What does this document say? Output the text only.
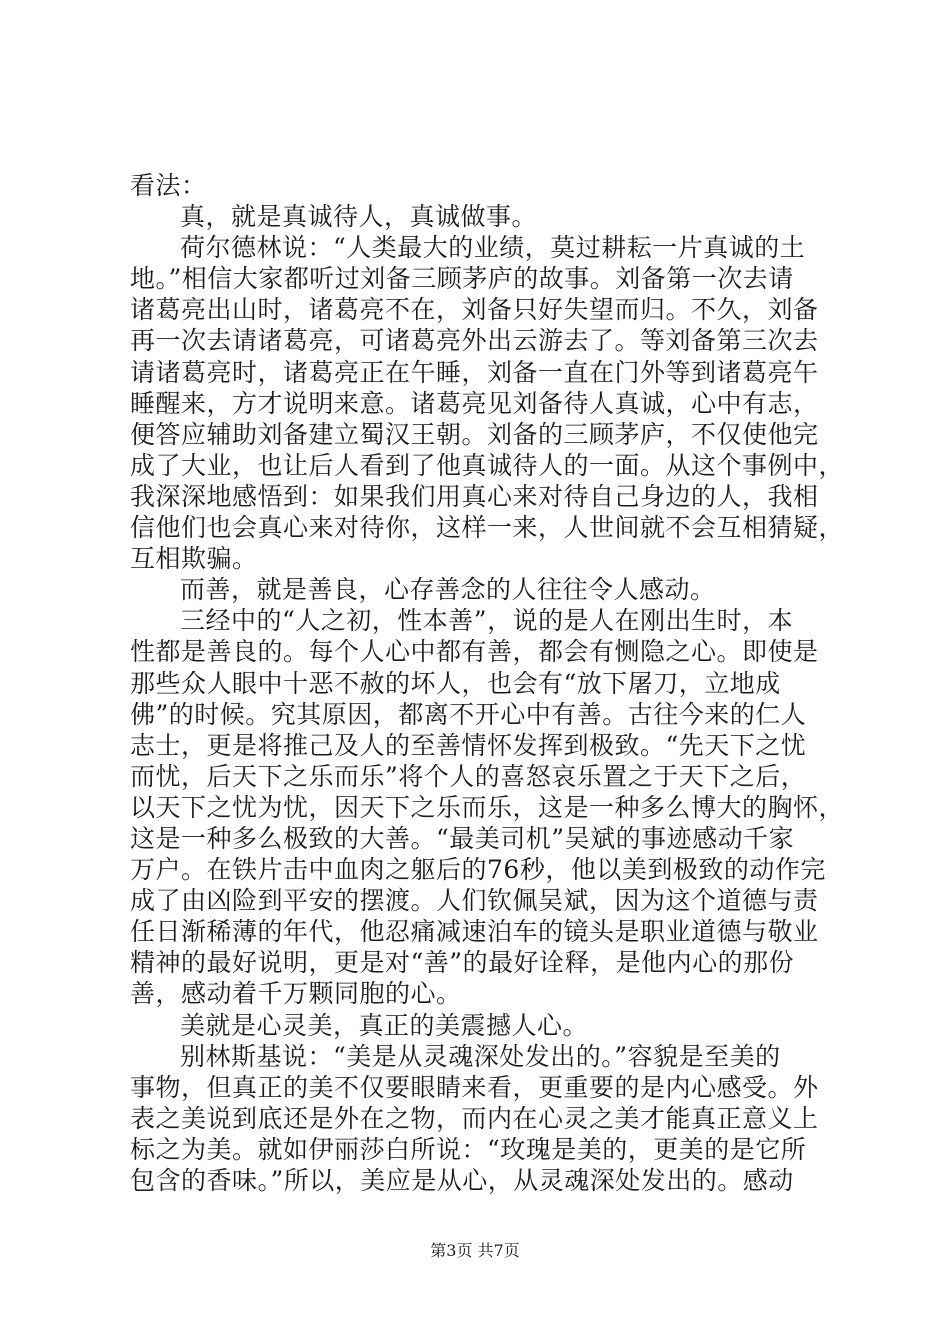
看法：
真，就是真诚待人，真诚做事。
荷尔德林说：“人类最大的业绩，莫过耕耘一片真诚的土
地。”相信大家都听过刘备三顾茅庐的故事。刘备第一次去请
诸葛亮出山时，诸葛亮不在，刘备只好失望而归。不久，刘备
再一次去请诸葛亮，可诸葛亮外出云游去了。等刘备第三次去
请诸葛亮时，诸葛亮正在午睡，刘备一直在门外等到诸葛亮午
睡醒来，方才说明来意。诸葛亮见刘备待人真诚，心中有志，
便答应辅助刘备建立蜀汉王朝。刘备的三顾茅庐，不仅使他完
成了大业，也让后人看到了他真诚待人的一面。从这个事例中，
我深深地感悟到：如果我们用真心来对待自己身边的人，我相
信他们也会真心来对待你，这样一来，人世间就不会互相猜疑，
互相欺骗。
而善，就是善良，心存善念的人往往令人感动。
三经中的“人之初，性本善”，说的是人在刚出生时，本
性都是善良的。每个人心中都有善，都会有恻隐之心。即使是
那些众人眼中十恶不赦的坏人，也会有“放下屠刀，立地成
佛”的时候。究其原因，都离不开心中有善。古往今来的仁人
志士，更是将推己及人的至善情怀发挥到极致。“先天下之忧
而忧，后天下之乐而乐”将个人的喜怒哀乐置之于天下之后，
以天下之忧为忧，因天下之乐而乐，这是一种多么博大的胸怀，
这是一种多么极致的大善。“最美司机”吴斌的事迹感动千家
万户。在铁片击中血肉之躯后的76秒，他以美到极致的动作完
成了由凶险到平安的摆渡。人们钦佩吴斌，因为这个道德与责
任日渐稀薄的年代，他忍痛减速泊车的镜头是职业道德与敬业
精神的最好说明，更是对“善”的最好诠释，是他内心的那份
善，感动着千万颗同胞的心。
美就是心灵美，真正的美震撼人心。
别林斯基说：“美是从灵魂深处发出的。”容貌是至美的
事物，但真正的美不仅要眼睛来看，更重要的是内心感受。外
表之美说到底还是外在之物，而内在心灵之美才能真正意义上
标之为美。就如伊丽莎白所说：“玫瑰是美的，更美的是它所
包含的香味。”所以，美应是从心，从灵魂深处发出的。感动
第3页 共7页
